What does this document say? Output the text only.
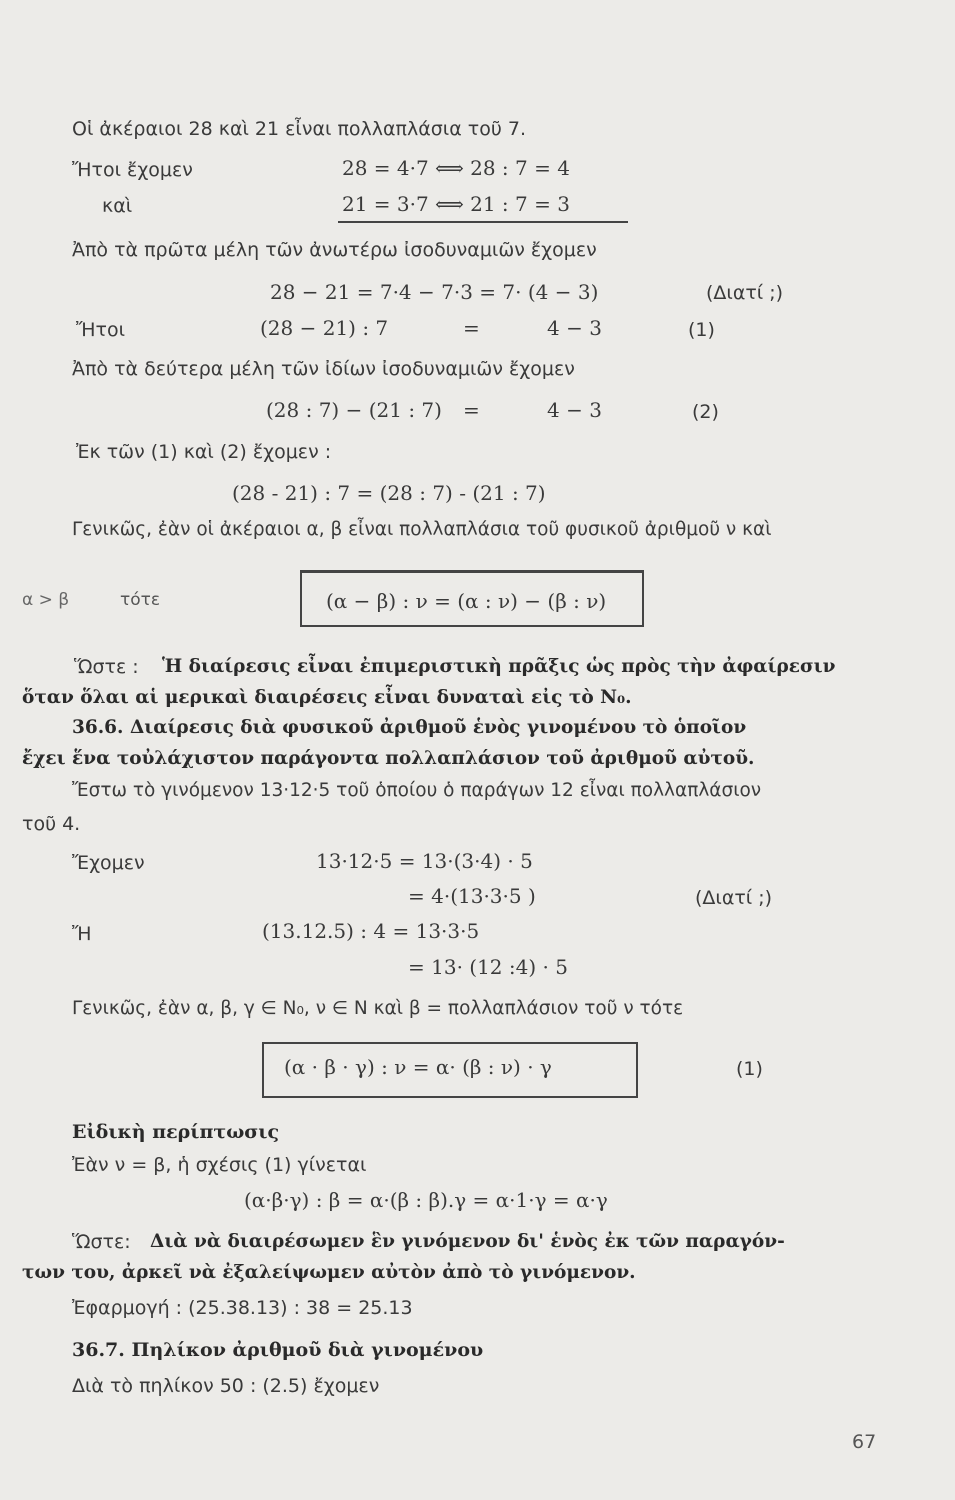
Οἱ ἀκέραιοι 28 καὶ 21 εἶναι πολλαπλάσια τοῦ 7.
Ἤτοι ἔχομεν	28 = 4·7 ⟺ 28 : 7 = 4
καὶ	21 = 3·7 ⟺ 21 : 7 = 3
Ἀπὸ τὰ πρῶτα μέλη τῶν ἀνωτέρω ἰσοδυναμιῶν ἔχομεν
28 − 21 = 7·4 − 7·3 = 7· (4 − 3)	(Διατί ;)
Ἤτοι	(28 − 21) : 7	=	4 − 3	(1)
Ἀπὸ τὰ δεύτερα μέλη τῶν ἰδίων ἰσοδυναμιῶν ἔχομεν
(28 : 7) − (21 : 7) =	4 − 3	(2)
Ἐκ τῶν (1) καὶ (2) ἔχομεν :
(28 - 21) : 7 = (28 : 7) - (21 : 7)
Γενικῶς, ἐὰν οἱ ἀκέραιοι α, β εἶναι πολλαπλάσια τοῦ φυσικοῦ ἀριθμοῦ ν καὶ
α > β	τότε	(α − β) : ν = (α : ν) − (β : ν)
Ὥστε : Ἡ διαίρεσις εἶναι ἐπιμεριστικὴ πρᾶξις ὡς πρὸς τὴν ἀφαίρεσιν
ὅταν ὅλαι αἱ μερικαὶ διαιρέσεις εἶναι δυναταὶ εἰς τὸ N₀.
36.6. Διαίρεσις διὰ φυσικοῦ ἀριθμοῦ ἑνὸς γινομένου τὸ ὁποῖον
ἔχει ἕνα τοὐλάχιστον παράγοντα πολλαπλάσιον τοῦ ἀριθμοῦ αὐτοῦ.
Ἔστω τὸ γινόμενον 13·12·5 τοῦ ὁποίου ὁ παράγων 12 εἶναι πολλαπλάσιον
τοῦ 4.
Ἔχομεν	13·12·5 = 13·(3·4) · 5
= 4·(13·3·5 )	(Διατί ;)
Ἤ	(13.12.5) : 4 = 13·3·5
= 13· (12 :4) · 5
Γενικῶς, ἐὰν α, β, γ ∈ N₀, ν ∈ N καὶ β = πολλαπλάσιον τοῦ ν τότε
(α · β · γ) : ν = α· (β : ν) · γ	(1)
Εἰδικὴ περίπτωσις
Ἐὰν ν = β, ἡ σχέσις (1) γίνεται
(α·β·γ) : β = α·(β : β).γ = α·1·γ = α·γ
Ὥστε: Διὰ νὰ διαιρέσωμεν ἓν γινόμενον δι' ἑνὸς ἐκ τῶν παραγόν-
των του, ἀρκεῖ νὰ ἐξαλείψωμεν αὐτὸν ἀπὸ τὸ γινόμενον.
Ἐφαρμογή : (25.38.13) : 38 = 25.13
36.7. Πηλίκον ἀριθμοῦ διὰ γινομένου
Διὰ τὸ πηλίκον 50 : (2.5) ἔχομεν
67
